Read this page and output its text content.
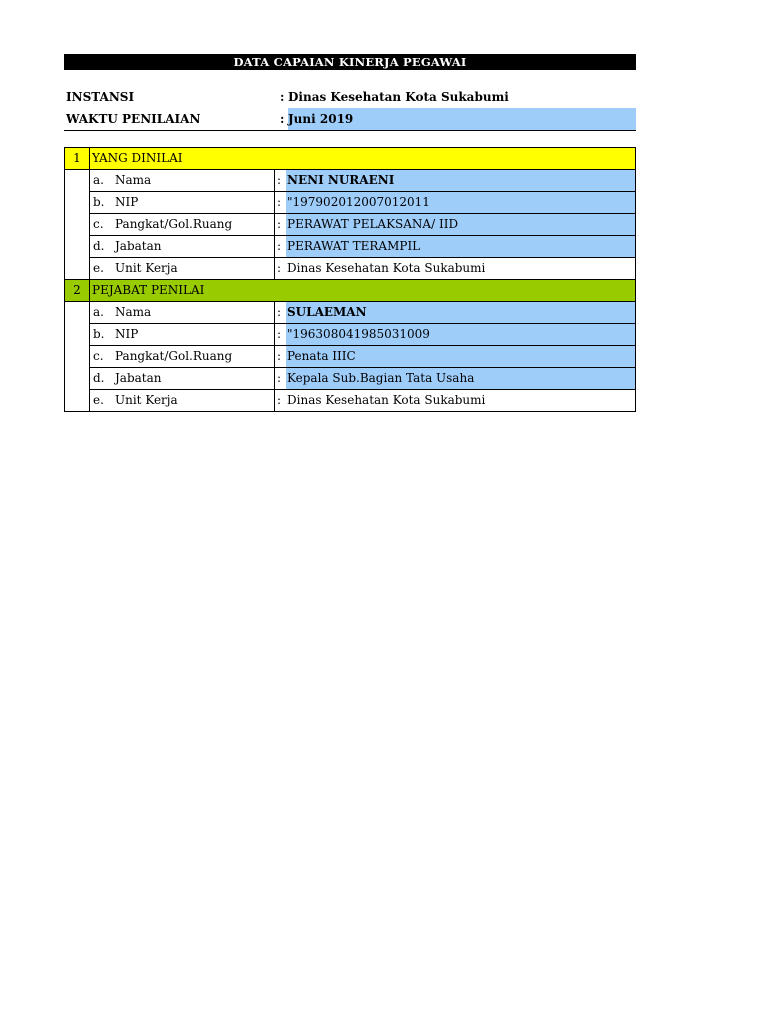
DATA CAPAIAN KINERJA PEGAWAI
INSTANSI	: Dinas Kesehatan Kota Sukabumi
WAKTU PENILAIAN	: Juni 2019
1 YANG DINILAI
a. Nama	: NENI NURAENI
b. NIP	: "197902012007012011
c. Pangkat/Gol.Ruang	: PERAWAT PELAKSANA/ IID
d. Jabatan	: PERAWAT TERAMPIL
e. Unit Kerja	: Dinas Kesehatan Kota Sukabumi
2 PEJABAT PENILAI
a. Nama	: SULAEMAN
b. NIP	: "196308041985031009
c. Pangkat/Gol.Ruang	: Penata IIIC
d. Jabatan	: Kepala Sub.Bagian Tata Usaha
e. Unit Kerja	: Dinas Kesehatan Kota Sukabumi
